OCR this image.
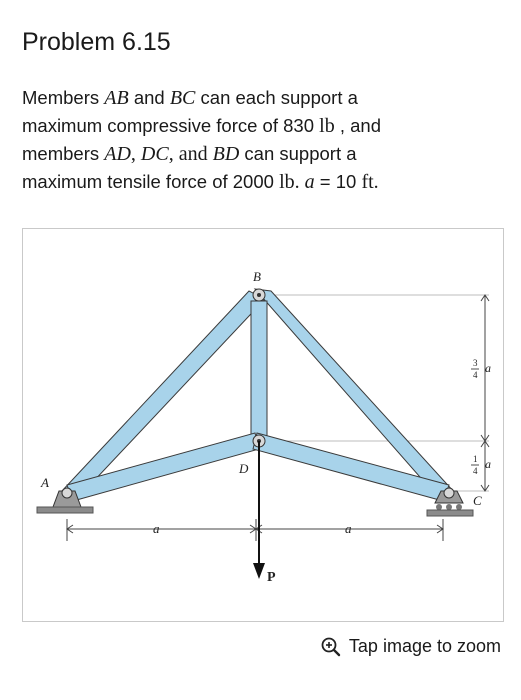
Problem 6.15
Members AB and BC can each support a
maximum compressive force of 830 lb , and
members AD, DC, and BD can support a
maximum tensile force of 2000 lb. a = 10 ft.
B
D
A
C
a	a
3
4 a
1
4 a
P
Tap image to zoom
